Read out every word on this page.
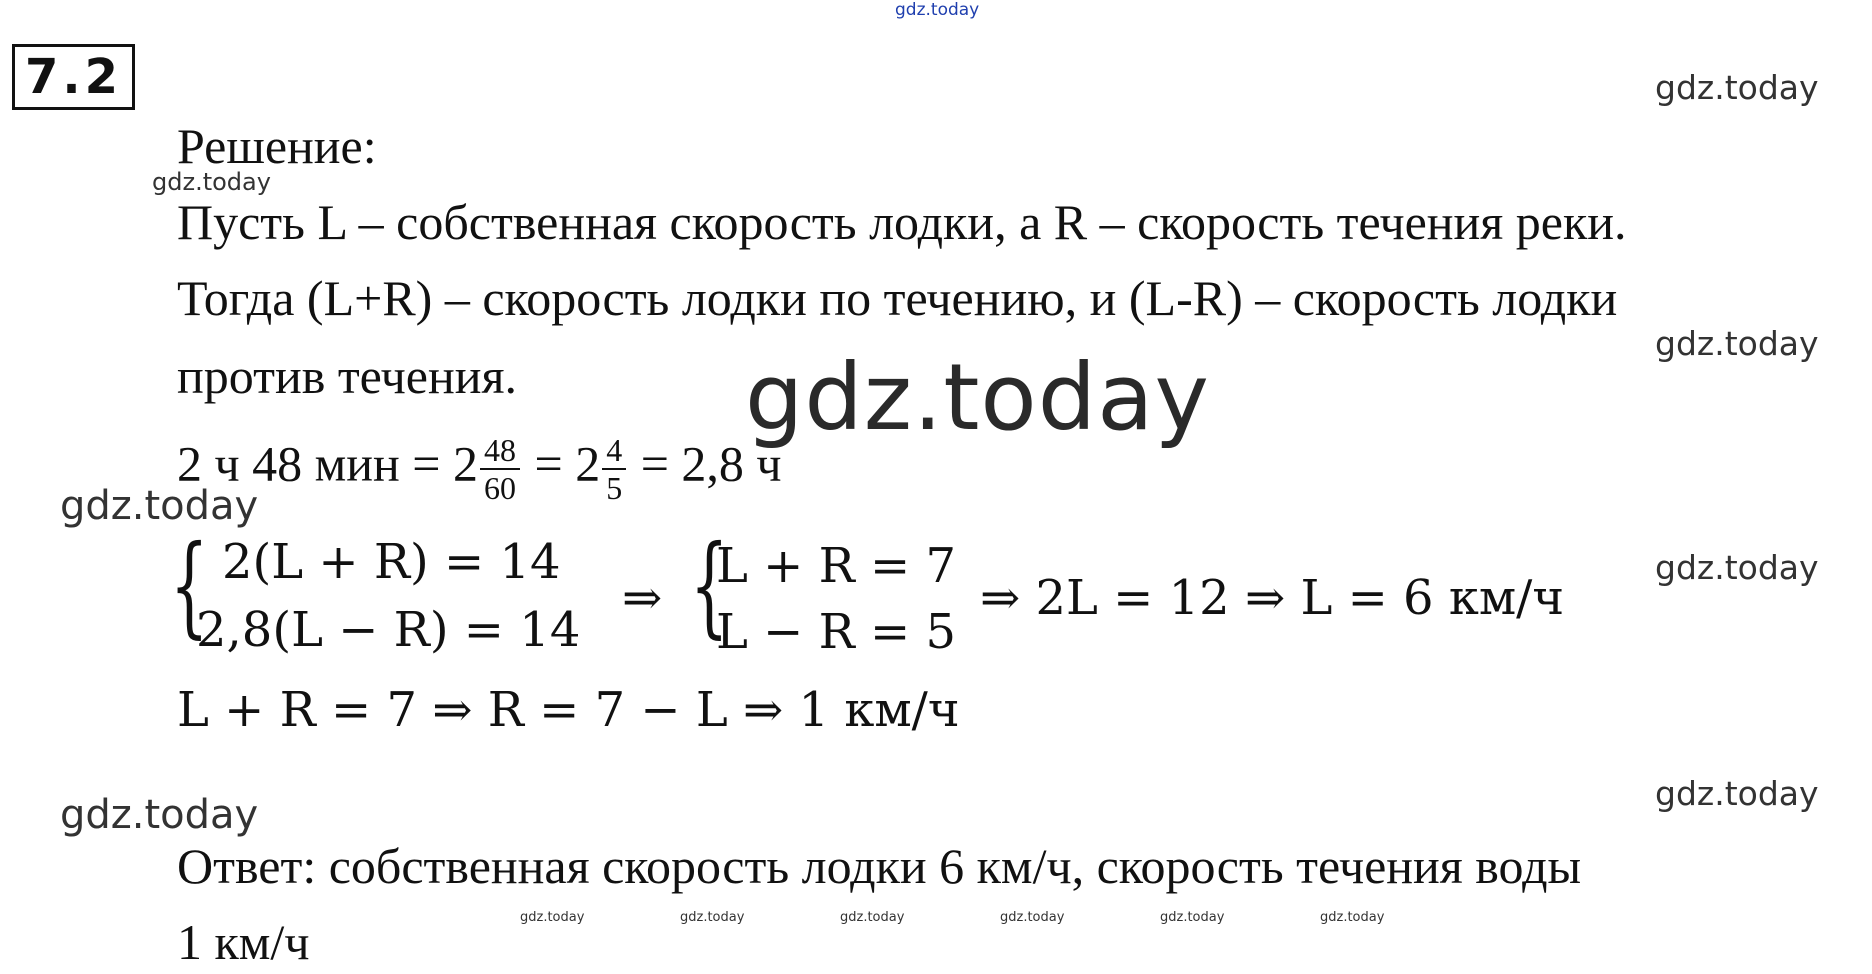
gdz.today
gdz.today
gdz.today
gdz.today
gdz.today
gdz.today
gdz.today
gdz.today
gdz.today
gdz.today	gdz.today	gdz.today	gdz.today	gdz.today	gdz.today
7.2
Решение:
Пусть L – собственная скорость лодки, а R – скорость течения реки.
Тогда (L+R) – скорость лодки по течению, и (L-R) – скорость лодки
против течения.
2 ч 48 мин = $2 \frac{48}{60} = 2 \frac{4}{5} = 2,8$ ч
{ 2(L + R) = 14
2,8(L − R) = 14
⇒ {
L + R = 7
L − R = 5
⇒ 2L = 12 ⇒ L = 6 км/ч
L + R = 7 ⇒ R = 7 − L ⇒ 1 км/ч
Ответ: собственная скорость лодки 6 км/ч, скорость течения воды
1 км/ч
